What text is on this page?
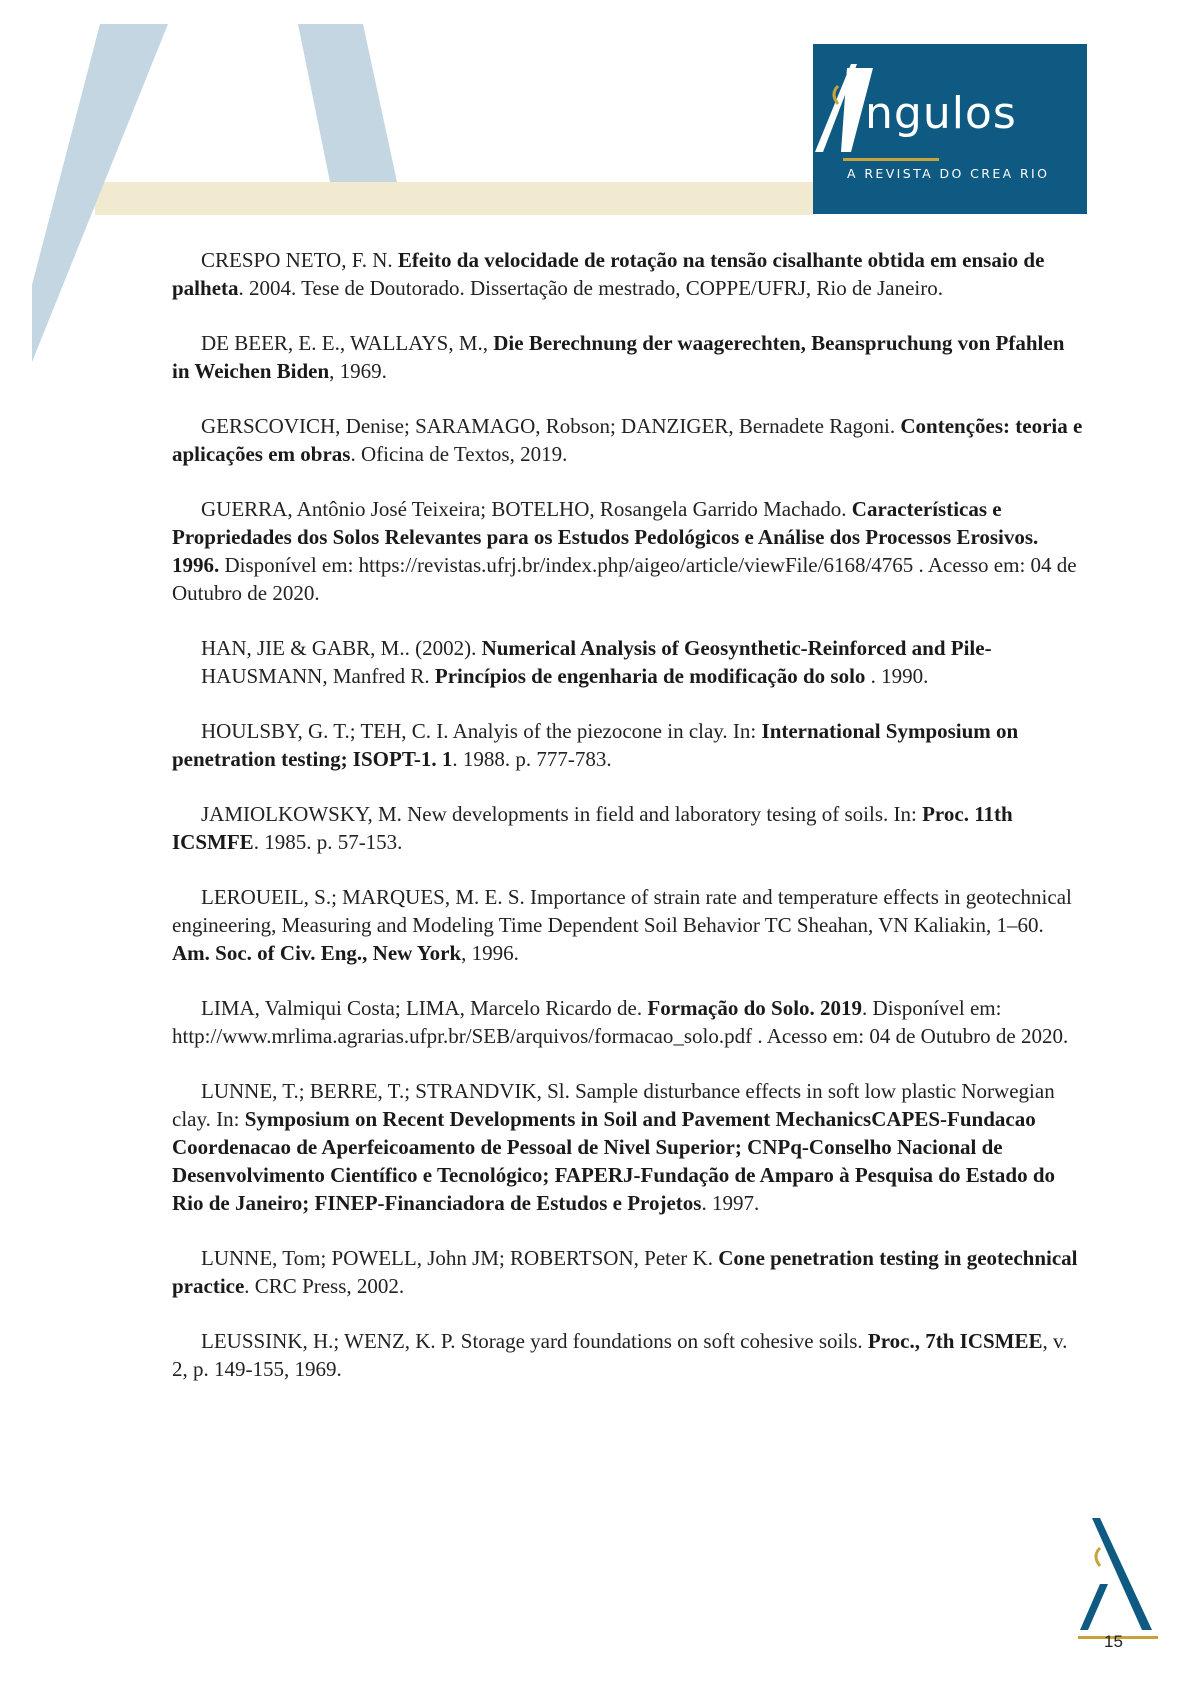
ngulos
A REVISTA DO CREA RIO

CRESPO NETO, F. N. Efeito da velocidade de rotação na tensão cisalhante obtida em ensaio de palheta. 2004. Tese de Doutorado. Dissertação de mestrado, COPPE/UFRJ, Rio de Janeiro.

DE BEER, E. E., WALLAYS, M., Die Berechnung der waagerechten, Beanspruchung von Pfahlen in Weichen Biden, 1969.

GERSCOVICH, Denise; SARAMAGO, Robson; DANZIGER, Bernadete Ragoni. Contenções: teoria e aplicações em obras. Oficina de Textos, 2019.

GUERRA, Antônio José Teixeira; BOTELHO, Rosangela Garrido Machado. Características e Propriedades dos Solos Relevantes para os Estudos Pedológicos e Análise dos Processos Erosivos. 1996. Disponível em: https://revistas.ufrj.br/index.php/aigeo/article/viewFile/6168/4765 . Acesso em: 04 de Outubro de 2020.

HAN, JIE & GABR, M.. (2002). Numerical Analysis of Geosynthetic-Reinforced and Pile-

HAUSMANN, Manfred R. Princípios de engenharia de modificação do solo . 1990.

HOULSBY, G. T.; TEH, C. I. Analyis of the piezocone in clay. In: International Symposium on penetration testing; ISOPT-1. 1. 1988. p. 777-783.

JAMIOLKOWSKY, M. New developments in field and laboratory tesing of soils. In: Proc. 11th ICSMFE. 1985. p. 57-153.

LEROUEIL, S.; MARQUES, M. E. S. Importance of strain rate and temperature effects in geotechnical engineering, Measuring and Modeling Time Dependent Soil Behavior TC Sheahan, VN Kaliakin, 1–60. Am. Soc. of Civ. Eng., New York, 1996.

LIMA, Valmiqui Costa; LIMA, Marcelo Ricardo de. Formação do Solo. 2019. Disponível em: http://www.mrlima.agrarias.ufpr.br/SEB/arquivos/formacao_solo.pdf . Acesso em: 04 de Outubro de 2020.

LUNNE, T.; BERRE, T.; STRANDVIK, Sl. Sample disturbance effects in soft low plastic Norwegian clay. In: Symposium on Recent Developments in Soil and Pavement MechanicsCAPES-Fundacao Coordenacao de Aperfeicoamento de Pessoal de Nivel Superior; CNPq-Conselho Nacional de Desenvolvimento Científico e Tecnológico; FAPERJ-Fundação de Amparo à Pesquisa do Estado do Rio de Janeiro; FINEP-Financiadora de Estudos e Projetos. 1997.

LUNNE, Tom; POWELL, John JM; ROBERTSON, Peter K. Cone penetration testing in geotechnical practice. CRC Press, 2002.

LEUSSINK, H.; WENZ, K. P. Storage yard foundations on soft cohesive soils. Proc., 7th ICSMEE, v. 2, p. 149-155, 1969.

15
